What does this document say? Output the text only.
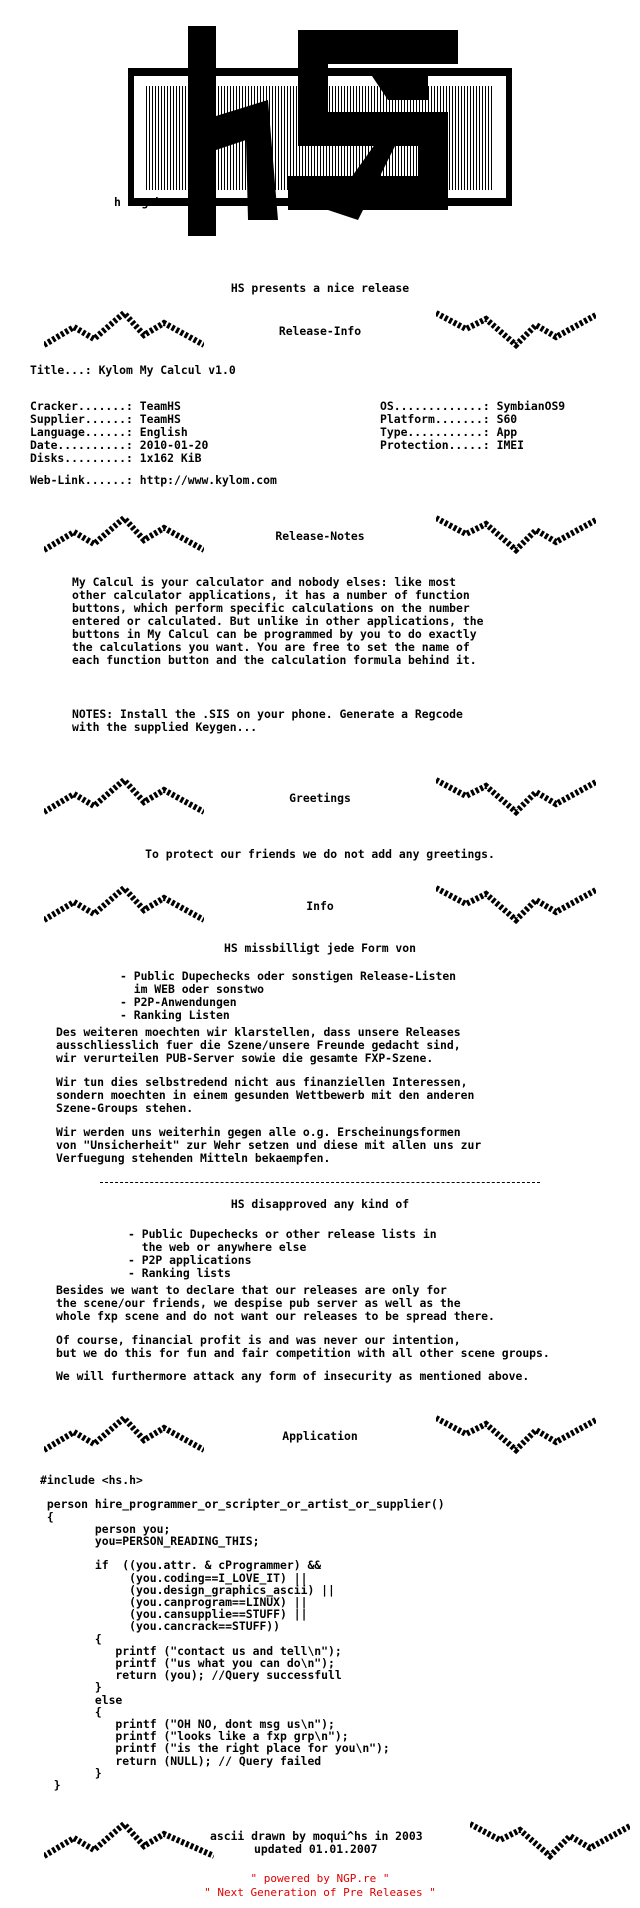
h i g h	s o c i e t y
HS presents a nice release
Release-Info
Title...: Kylom My Calcul v1.0
Cracker.......: TeamHS
Supplier......: TeamHS
Language......: English
Date..........: 2010-01-20
Disks.........: 1x162 KiB
OS.............: SymbianOS9
Platform.......: S60
Type...........: App
Protection.....: IMEI
Web-Link......: http://www.kylom.com
Release-Notes
My Calcul is your calculator and nobody elses: like most
other calculator applications, it has a number of function
buttons, which perform specific calculations on the number
entered or calculated. But unlike in other applications, the
buttons in My Calcul can be programmed by you to do exactly
the calculations you want. You are free to set the name of
each function button and the calculation formula behind it.
NOTES: Install the .SIS on your phone. Generate a Regcode
with the supplied Keygen...
Greetings
To protect our friends we do not add any greetings.
Info
HS missbilligt jede Form von
- Public Dupechecks oder sonstigen Release-Listen
im WEB oder sonstwo
- P2P-Anwendungen
- Ranking Listen
Des weiteren moechten wir klarstellen, dass unsere Releases
ausschliesslich fuer die Szene/unsere Freunde gedacht sind,
wir verurteilen PUB-Server sowie die gesamte FXP-Szene.
Wir tun dies selbstredend nicht aus finanziellen Interessen,
sondern moechten in einem gesunden Wettbewerb mit den anderen
Szene-Groups stehen.
Wir werden uns weiterhin gegen alle o.g. Erscheinungsformen
von "Unsicherheit" zur Wehr setzen und diese mit allen uns zur
Verfuegung stehenden Mitteln bekaempfen.
HS disapproved any kind of
- Public Dupechecks or other release lists in
the web or anywhere else
- P2P applications
- Ranking lists
Besides we want to declare that our releases are only for
the scene/our friends, we despise pub server as well as the
whole fxp scene and do not want our releases to be spread there.
Of course, financial profit is and was never our intention,
but we do this for fun and fair competition with all other scene groups.
We will furthermore attack any form of insecurity as mentioned above.
Application
#include <hs.h>
person hire_programmer_or_scripter_or_artist_or_supplier()
{
person you;
you=PERSON_READING_THIS;
if  ((you.attr. & cProgrammer) &&
(you.coding==I_LOVE_IT) ||
(you.design_graphics_ascii) ||
(you.canprogram==LINUX) ||
(you.cansupplie==STUFF) ||
(you.cancrack==STUFF))
{
printf ("contact us and tell\n");
printf ("us what you can do\n");
return (you); //Query successfull
}
else
{
printf ("OH NO, dont msg us\n");
printf ("looks like a fxp grp\n");
printf ("is the right place for you\n");
return (NULL); // Query failed
}
}
ascii drawn by moqui^hs in 2003
updated 01.01.2007
" powered by NGP.re "
" Next Generation of Pre Releases "
